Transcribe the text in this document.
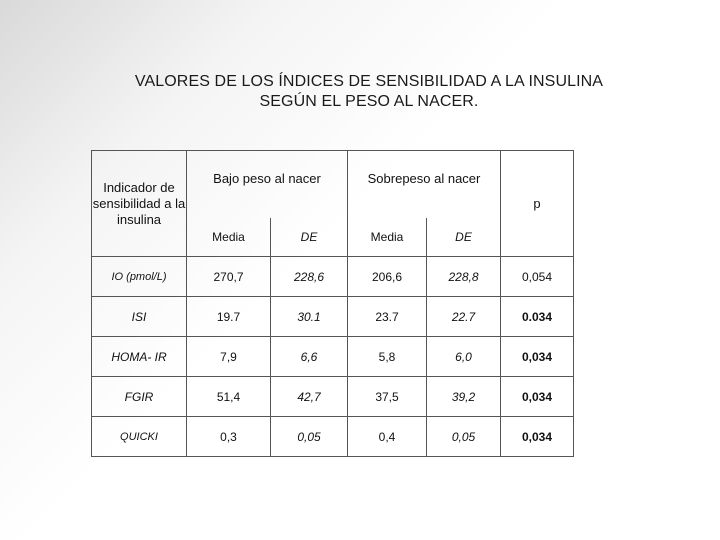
VALORES DE LOS ÍNDICES DE SENSIBILIDAD A LA INSULINA
SEGÚN EL PESO AL NACER.
Indicador de sensibilidad a la insulina	Bajo peso al nacer		Sobrepeso al nacer		p
	Media	DE	Media	DE	
IO (pmol/L)	270,7	228,6	206,6	228,8	0,054
ISI	19.7	30.1	23.7	22.7	0.034
HOMA- IR	7,9	6,6	5,8	6,0	0,034
FGIR	51,4	42,7	37,5	39,2	0,034
QUICKI	0,3	0,05	0,4	0,05	0,034
